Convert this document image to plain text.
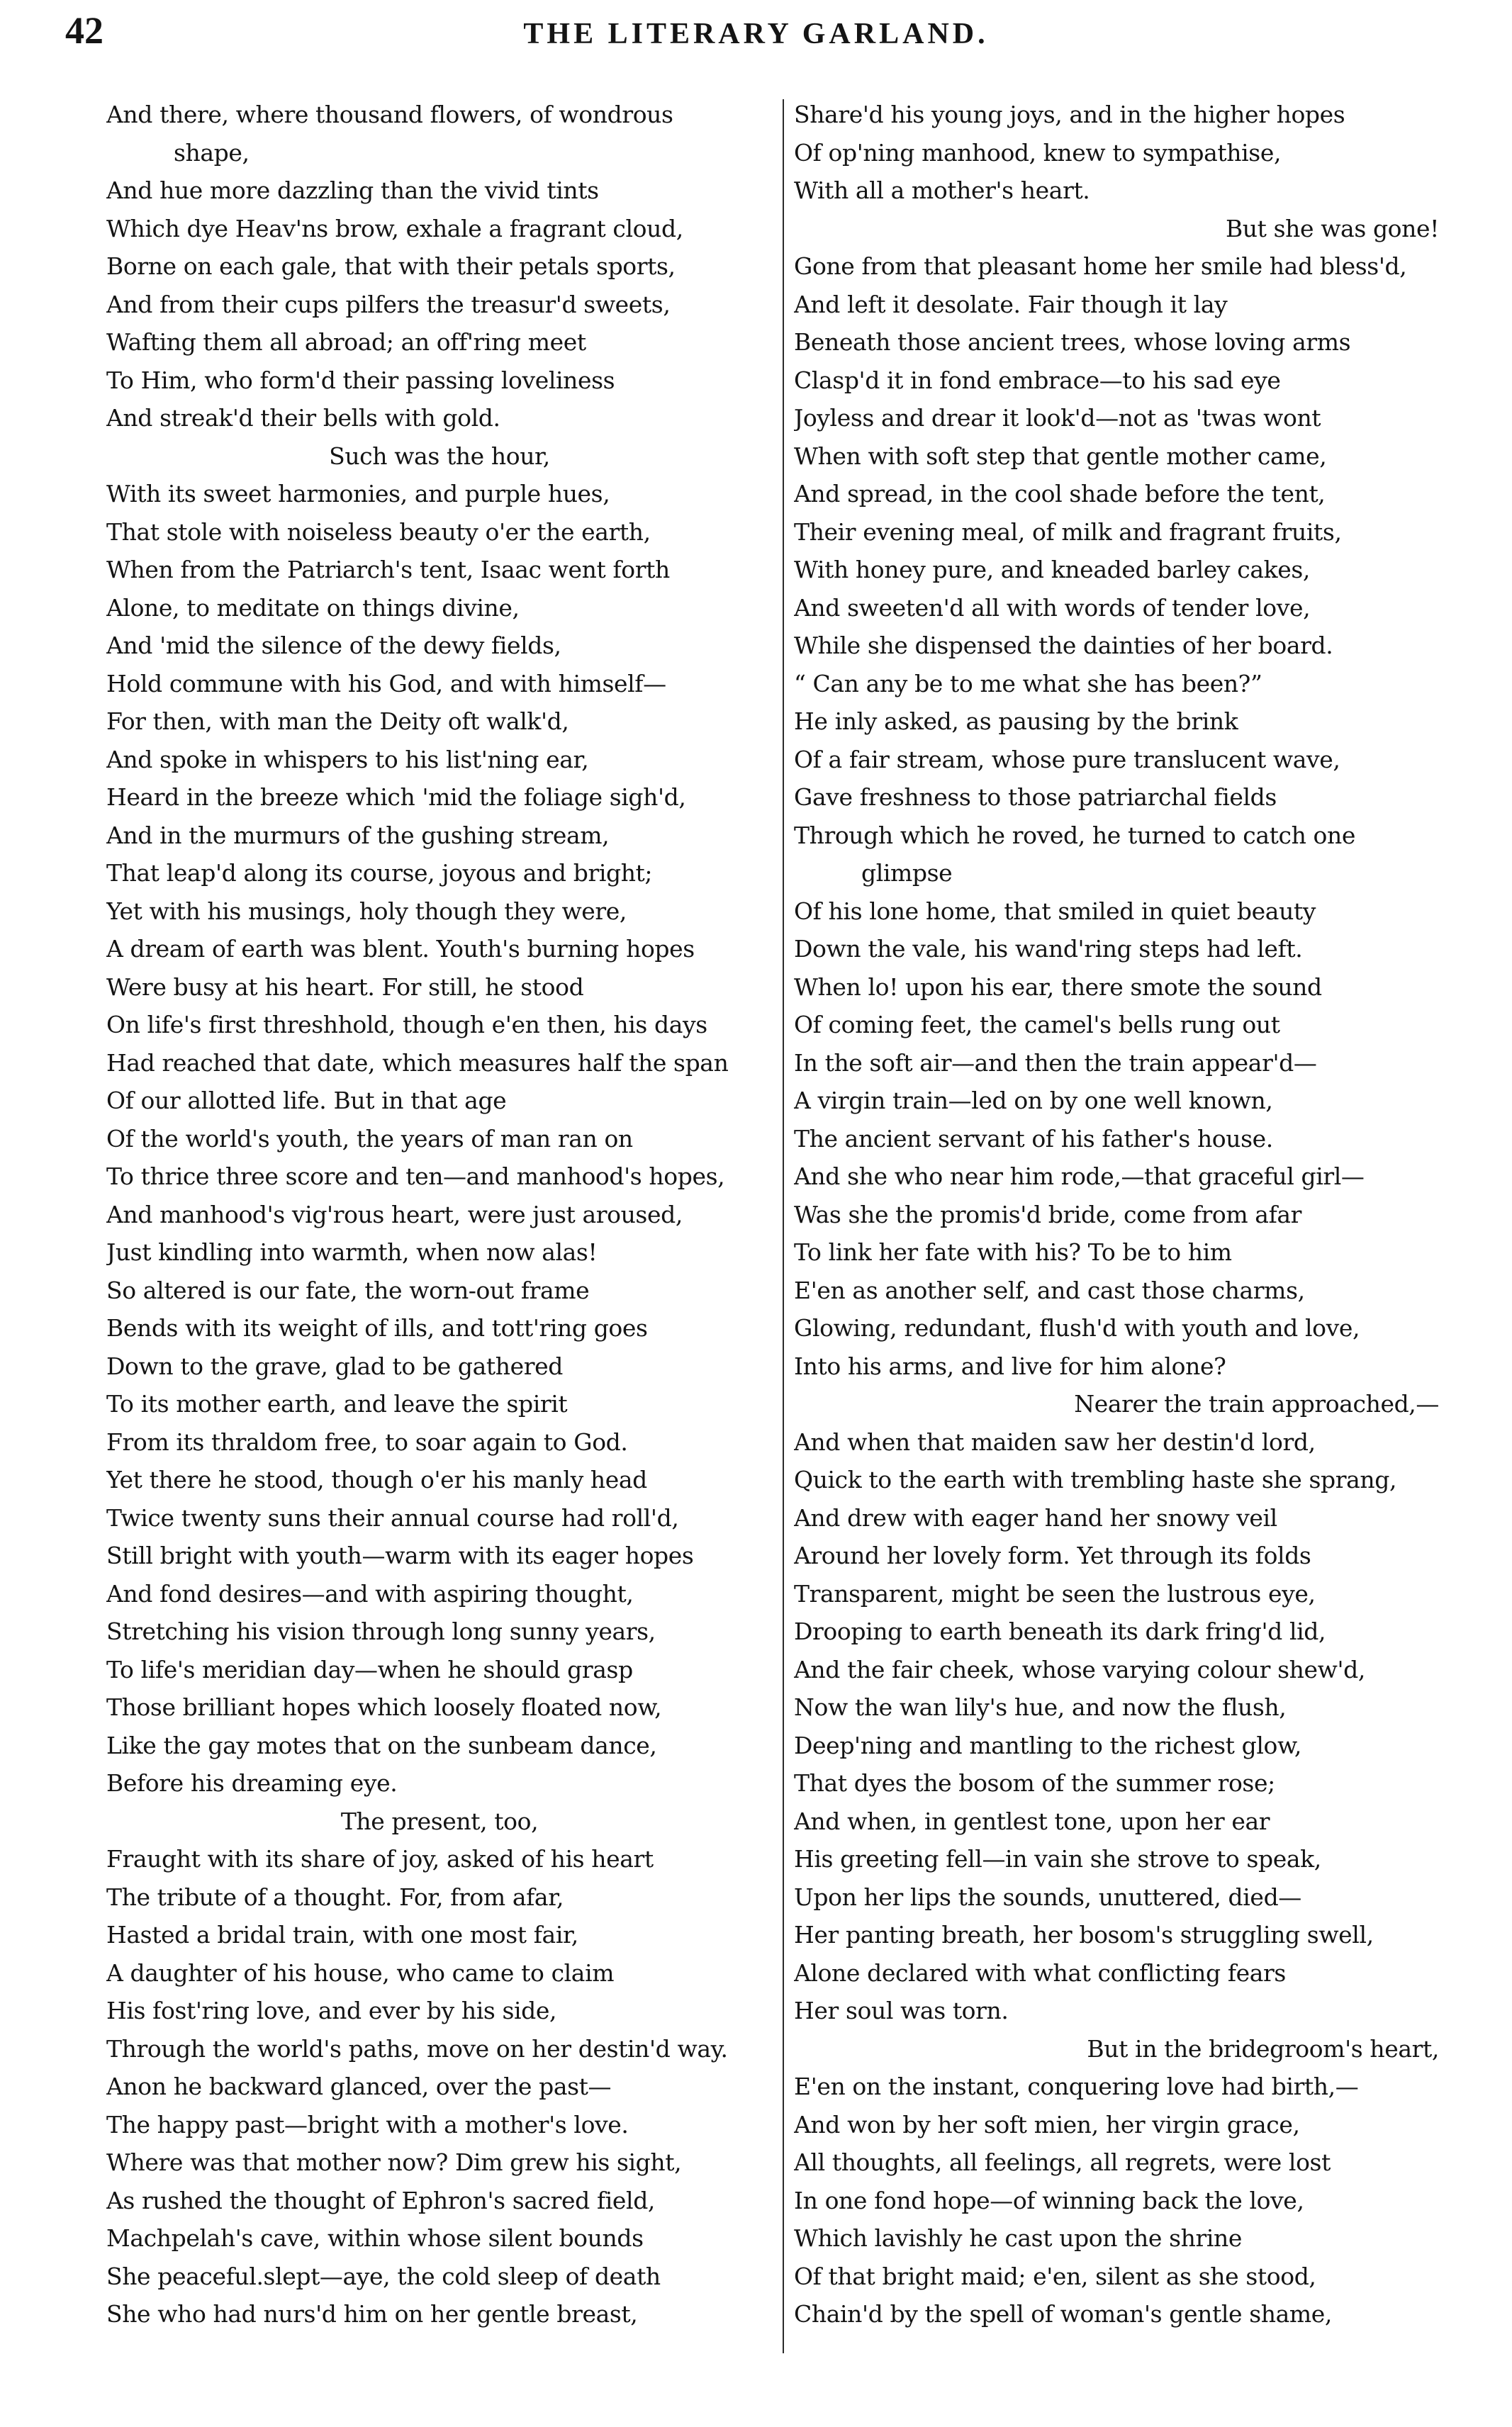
42	THE LITERARY GARLAND.
And there, where thousand flowers, of wondrous
shape,
And hue more dazzling than the vivid tints
Which dye Heav'ns brow, exhale a fragrant cloud,
Borne on each gale, that with their petals sports,
And from their cups pilfers the treasur'd sweets,
Wafting them all abroad; an off'ring meet
To Him, who form'd their passing loveliness
And streak'd their bells with gold.
Such was the hour,
With its sweet harmonies, and purple hues,
That stole with noiseless beauty o'er the earth,
When from the Patriarch's tent, Isaac went forth
Alone, to meditate on things divine,
And 'mid the silence of the dewy fields,
Hold commune with his God, and with himself—
For then, with man the Deity oft walk'd,
And spoke in whispers to his list'ning ear,
Heard in the breeze which 'mid the foliage sigh'd,
And in the murmurs of the gushing stream,
That leap'd along its course, joyous and bright;
Yet with his musings, holy though they were,
A dream of earth was blent. Youth's burning hopes
Were busy at his heart. For still, he stood
On life's first threshhold, though e'en then, his days
Had reached that date, which measures half the span
Of our allotted life. But in that age
Of the world's youth, the years of man ran on
To thrice three score and ten—and manhood's hopes,
And manhood's vig'rous heart, were just aroused,
Just kindling into warmth, when now alas!
So altered is our fate, the worn-out frame
Bends with its weight of ills, and tott'ring goes
Down to the grave, glad to be gathered
To its mother earth, and leave the spirit
From its thraldom free, to soar again to God.
Yet there he stood, though o'er his manly head
Twice twenty suns their annual course had roll'd,
Still bright with youth—warm with its eager hopes
And fond desires—and with aspiring thought,
Stretching his vision through long sunny years,
To life's meridian day—when he should grasp
Those brilliant hopes which loosely floated now,
Like the gay motes that on the sunbeam dance,
Before his dreaming eye.
The present, too,
Fraught with its share of joy, asked of his heart
The tribute of a thought. For, from afar,
Hasted a bridal train, with one most fair,
A daughter of his house, who came to claim
His fost'ring love, and ever by his side,
Through the world's paths, move on her destin'd way.
Anon he backward glanced, over the past—
The happy past—bright with a mother's love.
Where was that mother now? Dim grew his sight,
As rushed the thought of Ephron's sacred field,
Machpelah's cave, within whose silent bounds
She peaceful.slept—aye, the cold sleep of death
She who had nurs'd him on her gentle breast,
Share'd his young joys, and in the higher hopes
Of op'ning manhood, knew to sympathise,
With all a mother's heart.
But she was gone!
Gone from that pleasant home her smile had bless'd,
And left it desolate. Fair though it lay
Beneath those ancient trees, whose loving arms
Clasp'd it in fond embrace—to his sad eye
Joyless and drear it look'd—not as 'twas wont
When with soft step that gentle mother came,
And spread, in the cool shade before the tent,
Their evening meal, of milk and fragrant fruits,
With honey pure, and kneaded barley cakes,
And sweeten'd all with words of tender love,
While she dispensed the dainties of her board.
“ Can any be to me what she has been?”
He inly asked, as pausing by the brink
Of a fair stream, whose pure translucent wave,
Gave freshness to those patriarchal fields
Through which he roved, he turned to catch one
glimpse
Of his lone home, that smiled in quiet beauty
Down the vale, his wand'ring steps had left.
When lo! upon his ear, there smote the sound
Of coming feet, the camel's bells rung out
In the soft air—and then the train appear'd—
A virgin train—led on by one well known,
The ancient servant of his father's house.
And she who near him rode,—that graceful girl—
Was she the promis'd bride, come from afar
To link her fate with his? To be to him
E'en as another self, and cast those charms,
Glowing, redundant, flush'd with youth and love,
Into his arms, and live for him alone?
Nearer the train approached,—
And when that maiden saw her destin'd lord,
Quick to the earth with trembling haste she sprang,
And drew with eager hand her snowy veil
Around her lovely form. Yet through its folds
Transparent, might be seen the lustrous eye,
Drooping to earth beneath its dark fring'd lid,
And the fair cheek, whose varying colour shew'd,
Now the wan lily's hue, and now the flush,
Deep'ning and mantling to the richest glow,
That dyes the bosom of the summer rose;
And when, in gentlest tone, upon her ear
His greeting fell—in vain she strove to speak,
Upon her lips the sounds, unuttered, died—
Her panting breath, her bosom's struggling swell,
Alone declared with what conflicting fears
Her soul was torn.
But in the bridegroom's heart,
E'en on the instant, conquering love had birth,—
And won by her soft mien, her virgin grace,
All thoughts, all feelings, all regrets, were lost
In one fond hope—of winning back the love,
Which lavishly he cast upon the shrine
Of that bright maid; e'en, silent as she stood,
Chain'd by the spell of woman's gentle shame,
